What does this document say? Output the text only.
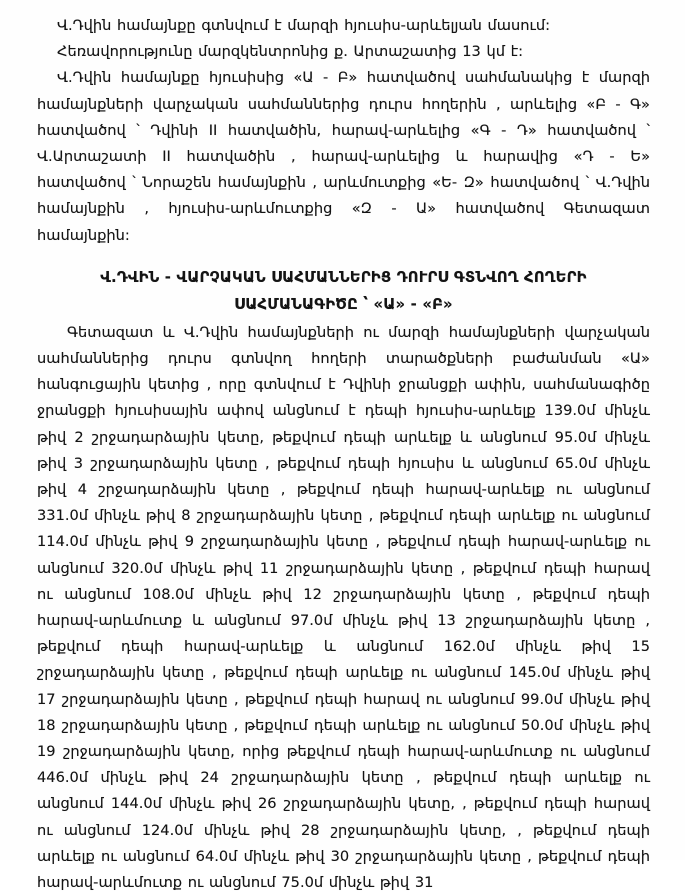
Վ.Դվին համայնքը գտնվում է մարզի հյուսիս-արևելյան մասում:

Հեռավորությունը մարզկենտրոնից ք. Արտաշատից 13 կմ է:

Վ.Դվին համայնքը հյուսիսից «Ա - Բ» հատվածով սահմանակից է մարզի համայնքների վարչական սահմաններից դուրս հողերին , արևելից «Բ - Գ» հատվածով ՝ Դվինի II հատվածին, հարավ-արևելից «Գ - Դ» հատվածով ՝ Վ.Արտաշատի II հատվածին , հարավ-արևելից և հարավից «Դ - Ե» հատվածով ՝ Նորաշեն համայնքին , արևմուտքից «Ե- Զ» հատվածով ՝ Վ.Դվին համայնքին , հյուսիս-արևմուտքից «Զ - Ա» հատվածով Գետազատ համայնքին:

Վ.ԴՎԻՆ - ՎԱՐՉԱԿԱՆ ՍԱՀՄԱՆՆԵՐԻՑ ԴՈՒՐՍ ԳՏՆՎՈՂ ՀՈՂԵՐԻ
ՍԱՀՄԱՆԱԳԻԾԸ ՝ «Ա» - «Բ»

Գետազատ և Վ.Դվին համայնքների ու մարզի համայնքների վարչական սահմաններից դուրս գտնվող հողերի տարածքների բաժանման «Ա» հանգուցային կետից , որը գտնվում է Դվինի ջրանցքի ափին, սահմանագիծը ջրանցքի հյուսիսային ափով անցնում է դեպի հյուսիս-արևելք 139.0մ մինչև թիվ 2 շրջադարձային կետը, թեքվում դեպի արևելք և անցնում 95.0մ մինչև թիվ 3 շրջադարձային կետը , թեքվում դեպի հյուսիս և անցնում 65.0մ մինչև թիվ 4 շրջադարձային կետը , թեքվում դեպի հարավ-արևելք ու անցնում 331.0մ մինչև թիվ 8 շրջադարձային կետը , թեքվում դեպի արևելք ու անցնում 114.0մ մինչև թիվ 9 շրջադարձային կետը , թեքվում դեպի հարավ-արևելք ու անցնում 320.0մ մինչև թիվ 11 շրջադարձային կետը , թեքվում դեպի հարավ ու անցնում 108.0մ մինչև թիվ 12 շրջադարձային կետը , թեքվում դեպի հարավ-արևմուտք և անցնում 97.0մ մինչև թիվ 13 շրջադարձային կետը , թեքվում դեպի հարավ-արևելք և անցնում 162.0մ մինչև թիվ 15 շրջադարձային կետը , թեքվում դեպի արևելք ու անցնում 145.0մ մինչև թիվ 17 շրջադարձային կետը , թեքվում դեպի հարավ ու անցնում 99.0մ մինչև թիվ 18 շրջադարձային կետը , թեքվում դեպի արևելք ու անցնում 50.0մ մինչև թիվ 19 շրջադարձային կետը, որից թեքվում դեպի հարավ-արևմուտք ու անցնում 446.0մ մինչև թիվ 24 շրջադարձային կետը , թեքվում դեպի արևելք ու անցնում 144.0մ մինչև թիվ 26 շրջադարձային կետը, , թեքվում դեպի հարավ ու անցնում 124.0մ մինչև թիվ 28 շրջադարձային կետը, , թեքվում դեպի արևելք ու անցնում 64.0մ մինչև թիվ 30 շրջադարձային կետը , թեքվում դեպի հարավ-արևմուտք ու անցնում 75.0մ մինչև թիվ 31
